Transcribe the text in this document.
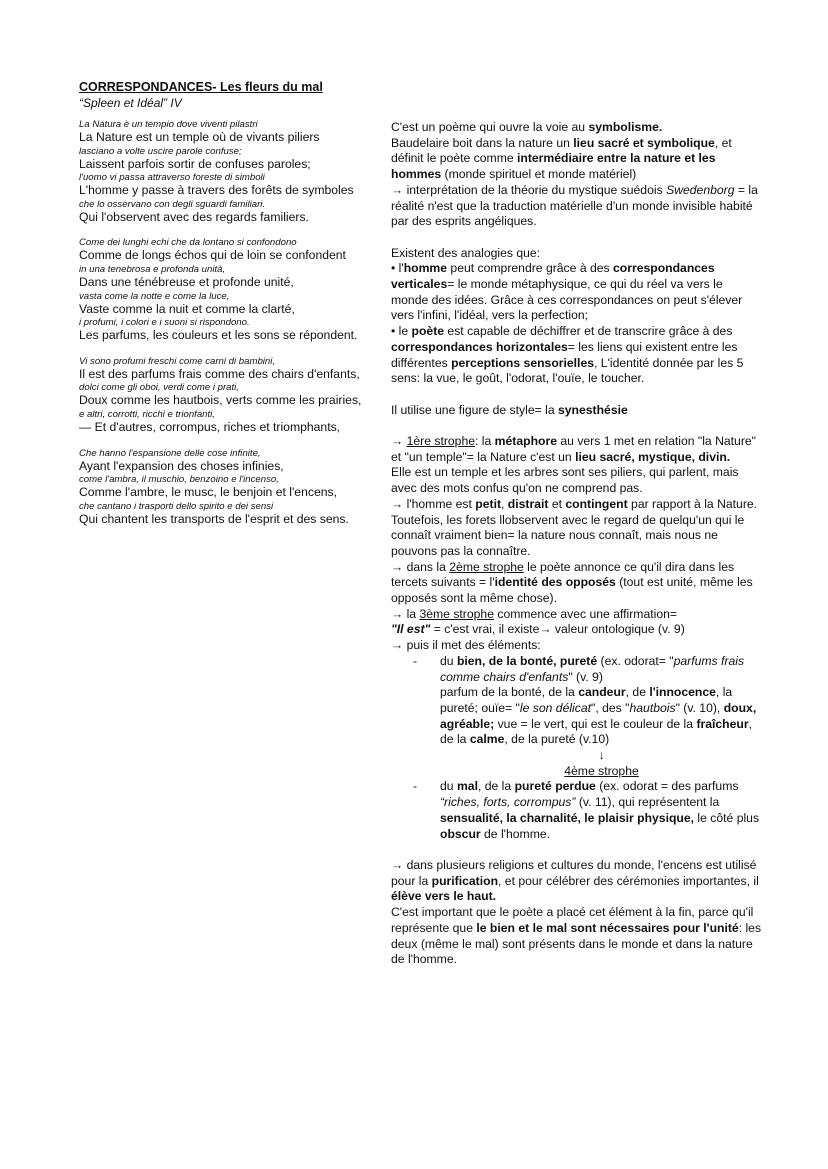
CORRESPONDANCES- Les fleurs du mal
“Spleen et Idéal” IV
La Natura è un tempio dove viventi pilastri
La Nature est un temple où de vivants piliers
lasciano a volte uscire parole confuse;
Laissent parfois sortir de confuses paroles;
l'uomo vi passa attraverso foreste di simboli
L'homme y passe à travers des forêts de symboles
che lo osservano con degli sguardi familiari.
Qui l'observent avec des regards familiers.
Come dei lunghi echi che da lontano si confondono
Comme de longs échos qui de loin se confondent
in una tenebrosa e profonda unità,
Dans une ténébreuse et profonde unité,
vasta come la notte e come la luce,
Vaste comme la nuit et comme la clarté,
i profumi, i colori e i suoni si rispondono.
Les parfums, les couleurs et les sons se répondent.
Vi sono profumi freschi come carni di bambini,
Il est des parfums frais comme des chairs d'enfants,
dolci come gli oboi, verdi come i prati,
Doux comme les hautbois, verts comme les prairies,
e altri, corrotti, ricchi e trionfanti,
— Et d'autres, corrompus, riches et triomphants,
Che hanno l'espansione delle cose infinite,
Ayant l'expansion des choses infinies,
come l'ambra, il muschio, benzoino e l'incenso,
Comme l'ambre, le musc, le benjoin et l'encens,
che cantano i trasporti dello spirito e dei sensi
Qui chantent les transports de l'esprit et des sens.

C'est un poème qui ouvre la voie au symbolisme.
Baudelaire boit dans la nature un lieu sacré et symbolique, et définit le poète comme intermédiaire entre la nature et les hommes (monde spirituel et monde matériel)
→ interprétation de la théorie du mystique suédois Swedenborg = la réalité n'est que la traduction matérielle d'un monde invisible habité par des esprits angéliques.

Existent des analogies que:
• l'homme peut comprendre grâce à des correspondances verticales= le monde métaphysique, ce qui du réel va vers le monde des idées. Grâce à ces correspondances on peut s'élever vers l'infini, l'idéal, vers la perfection;
• le poète est capable de déchiffrer et de transcrire grâce à des correspondances horizontales= les liens qui existent entre les différentes perceptions sensorielles, L'identité donnée par les 5 sens: la vue, le goût, l'odorat, l'ouïe, le toucher.

Il utilise une figure de style= la synesthésie

→ 1ère strophe: la métaphore au vers 1 met en relation "la Nature" et "un temple"= la Nature c'est un lieu sacré, mystique, divin.
Elle est un temple et les arbres sont ses piliers, qui parlent, mais avec des mots confus qu'on ne comprend pas.
→ l'homme est petit, distrait et contingent par rapport à la Nature. Toutefois, les forets llobservent avec le regard de quelqu'un qui le connaît vraiment bien= la nature nous connaît, mais nous ne pouvons pas la connaître.
→ dans la 2ème strophe le poète annonce ce qu'il dira dans les tercets suivants = l'identité des opposés (tout est unité, même les opposés sont la même chose).
→ la 3ème strophe commence avec une affirmation=
"Il est" = c'est vrai, il existe→ valeur ontologique (v. 9)
→ puis il met des éléments:

- du bien, de la bonté, pureté (ex. odorat= "parfums frais comme chairs d'enfants" (v. 9)
parfum de la bonté, de la candeur, de l'innocence, la pureté; ouïe= "le son délicat", des "hautbois" (v. 10), doux, agréable; vue = le vert, qui est le couleur de la fraîcheur, de la calme, de la pureté (v.10)
↓
4ème strophe
- du mal, de la pureté perdue (ex. odorat = des parfums “riches, forts, corrompus” (v. 11), qui représentent la sensualité, la charnalité, le plaisir physique, le côté plus obscur de l'homme.

→ dans plusieurs religions et cultures du monde, l'encens est utilisé pour la purification, et pour célébrer des cérémonies importantes, il élève vers le haut.
C'est important que le poète a placé cet élément à la fin, parce qu'il représente que le bien et le mal sont nécessaires pour l'unité: les deux (même le mal) sont présents dans le monde et dans la nature de l'homme.
